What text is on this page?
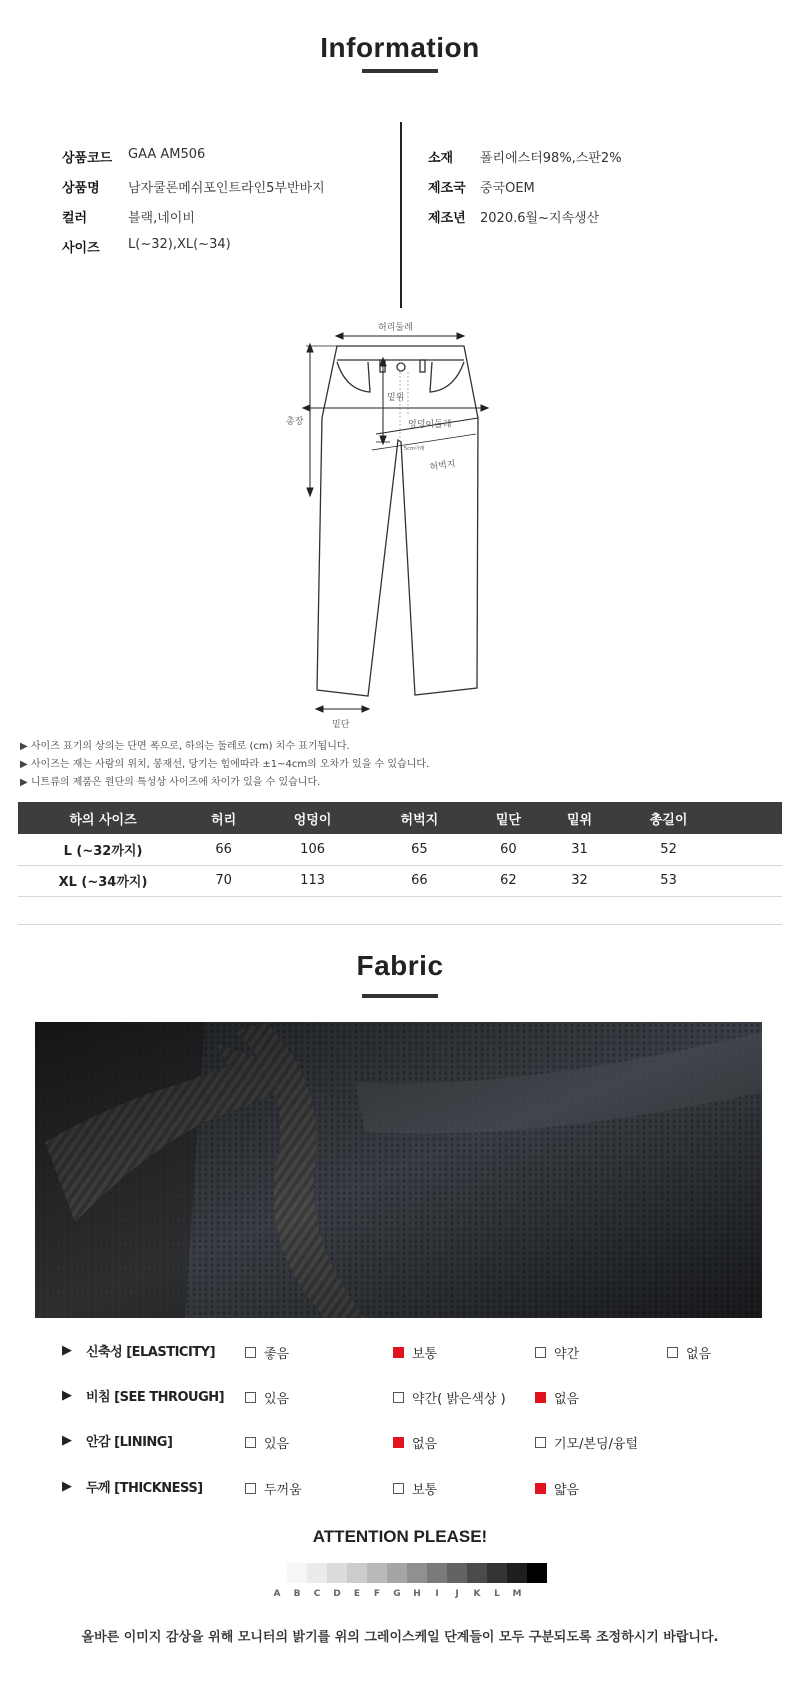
Information
상품코드	GAA AM506
상품명	남자쿨론메쉬포인트라인5부반바지
컬러	블랙,네이비
사이즈	L(~32),XL(~34)
소재	폴리에스터98%,스판2%
제조국	중국OEM
제조년	2020.6월~지속생산
허리둘레
총장
밑위
엉덩이둘레
5cm아래
허벅지
밑단
▶ 사이즈 표기의 상의는 단면 폭으로, 하의는 둘레로 (cm) 치수 표기됩니다.
▶ 사이즈는 재는 사람의 위치, 봉재선, 당기는 힘에따라 ±1~4cm의 오차가 있을 수 있습니다.
▶ 니트류의 제품은 원단의 특성상 사이즈에 차이가 있을 수 있습니다.
하의 사이즈	허리	엉덩이	허벅지	밑단	밑위	총길이	
L (~32까지)	66	106	65	60	31	52	
XL (~34까지)	70	113	66	62	32	53	
Fabric
▶ 신축성 [ELASTICITY]	좋음	보통	약간	없음
▶ 비침 [SEE THROUGH]	있음	약간( 밝은색상 )	없음
▶ 안감 [LINING]	있음	없음	기모/본딩/융털
▶ 두께 [THICKNESS]	두꺼움	보통	얇음
ATTENTION PLEASE!
A	B	C	D	E	F	G	H	I	J	K	L	M
올바른 이미지 감상을 위해 모니터의 밝기를 위의 그레이스케일 단계들이 모두 구분되도록 조정하시기 바랍니다.
